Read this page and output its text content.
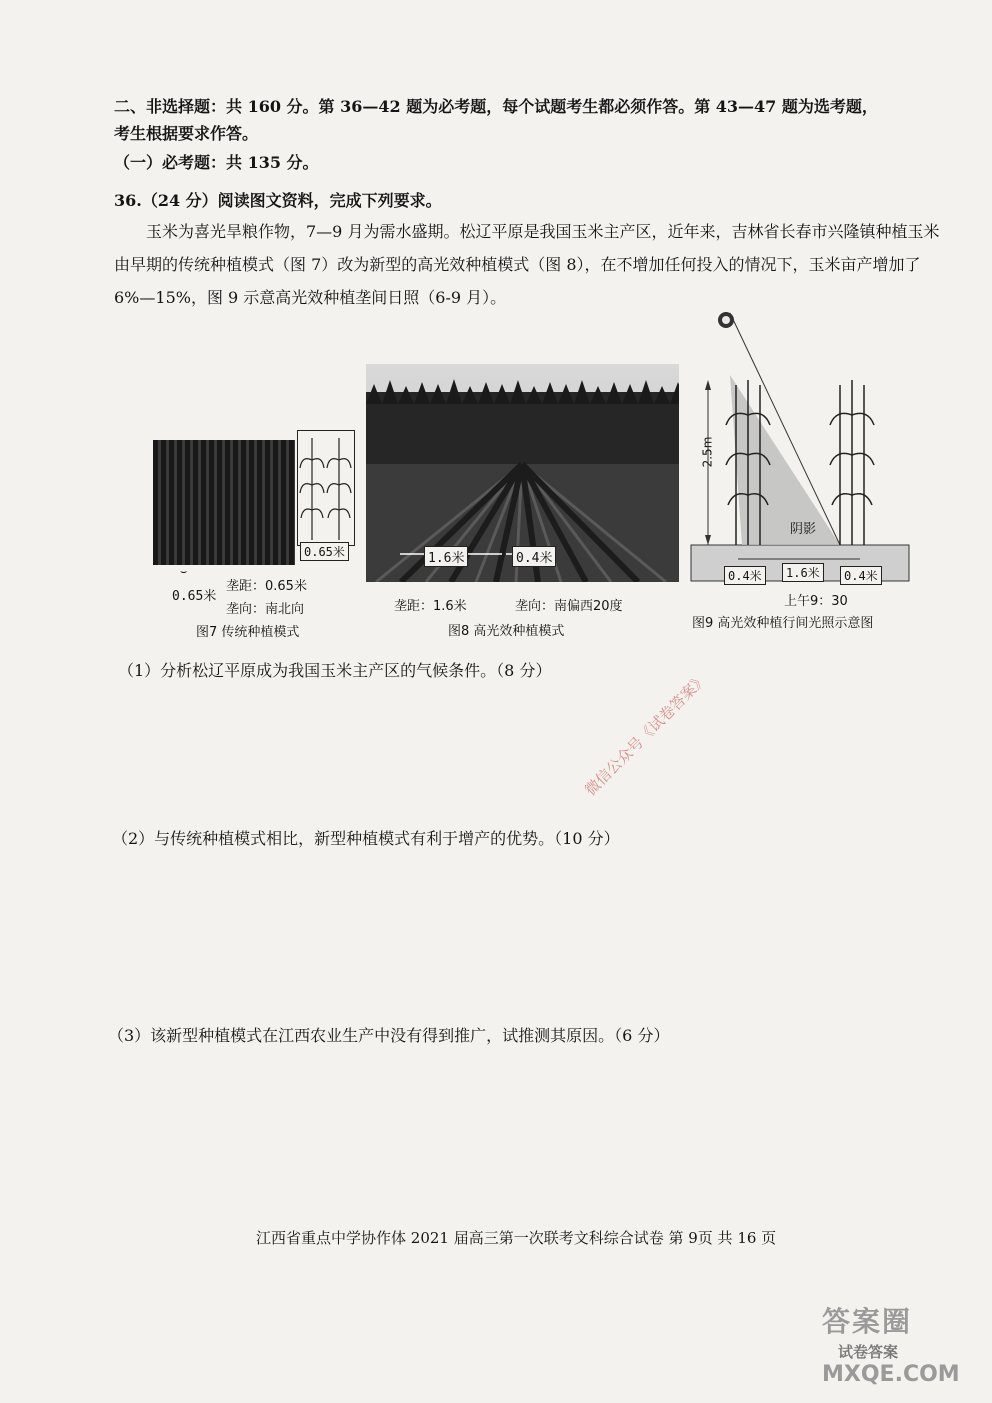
二、非选择题：共 160 分。第 36—42 题为必考题，每个试题考生都必须作答。第 43—47 题为选考题，
考生根据要求作答。
（一）必考题：共 135 分。
36.（24 分）阅读图文资料，完成下列要求。
玉米为喜光旱粮作物，7—9 月为需水盛期。松辽平原是我国玉米主产区，近年来，吉林省长春市兴隆镇种植玉米由早期的传统种植模式（图 7）改为新型的高光效种植模式（图 8），在不增加任何投入的情况下，玉米亩产增加了 6%—15%，图 9 示意高光效种植垄间日照（6-9 月）。
0.65米
⌣
0.65米
垄距：0.65米
垄向：南北向
图7 传统种植模式
1.6米	0.4米
垄距：1.6米	垄向：南偏西20度
图8 高光效种植模式
2.5m
阴影
0.4米	1.6米	0.4米
上午9：30
图9 高光效种植行间光照示意图
（1）分析松辽平原成为我国玉米主产区的气候条件。（8 分）
（2）与传统种植模式相比，新型种植模式有利于增产的优势。（10 分）
（3）该新型种植模式在江西农业生产中没有得到推广，试推测其原因。（6 分）
微信公众号《试卷答案》
江西省重点中学协作体 2021 届高三第一次联考文科综合试卷 第 9页 共 16 页
答案圈
试卷答案
MXQE.COM
